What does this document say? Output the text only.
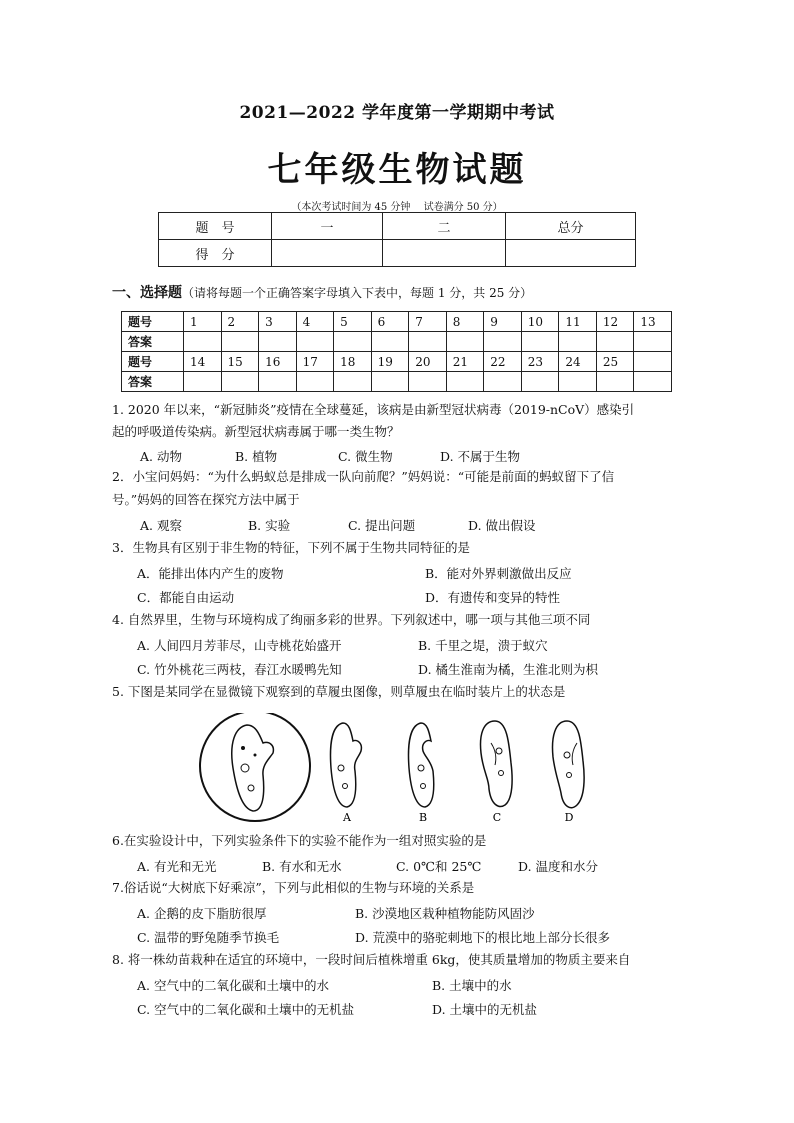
2021—2022 学年度第一学期期中考试
七年级生物试题
（本次考试时间为 45 分钟　 试卷满分 50 分）
题　号	一	二	总分
得　分			
一、选择题（请将每题一个正确答案字母填入下表中，每题 1 分，共 25 分）
题号	1	2	3	4	5	6	7	8	9	10	11	12	13
答案													
题号	14	15	16	17	18	19	20	21	22	23	24	25	
答案													
1. 2020 年以来，“新冠肺炎”疫情在全球蔓延，该病是由新型冠状病毒（2019-nCoV）感染引
起的呼吸道传染病。新型冠状病毒属于哪一类生物？
A. 动物	B. 植物	C. 微生物	D. 不属于生物
2．小宝问妈妈：“为什么蚂蚁总是排成一队向前爬？”妈妈说：“可能是前面的蚂蚁留下了信
号。”妈妈的回答在探究方法中属于
A. 观察	B. 实验	C. 提出问题	D. 做出假设
3．生物具有区别于非生物的特征，下列不属于生物共同特征的是
A．能排出体内产生的废物	B．能对外界刺激做出反应
C．都能自由运动	D．有遗传和变异的特性
4. 自然界里，生物与环境构成了绚丽多彩的世界。下列叙述中，哪一项与其他三项不同
A. 人间四月芳菲尽，山寺桃花始盛开	B. 千里之堤，溃于蚁穴
C. 竹外桃花三两枝，春江水暖鸭先知	D. 橘生淮南为橘，生淮北则为枳
5. 下图是某同学在显微镜下观察到的草履虫图像，则草履虫在临时装片上的状态是
A	B	C	D
6.在实验设计中，下列实验条件下的实验不能作为一组对照实验的是
A. 有光和无光	B. 有水和无水	C. 0℃和 25℃	D. 温度和水分
7.俗话说“大树底下好乘凉”，下列与此相似的生物与环境的关系是
A. 企鹅的皮下脂肪很厚	B. 沙漠地区栽种植物能防风固沙
C. 温带的野兔随季节换毛	D. 荒漠中的骆驼刺地下的根比地上部分长很多
8. 将一株幼苗栽种在适宜的环境中，一段时间后植株增重 6kg，使其质量增加的物质主要来自
A. 空气中的二氧化碳和土壤中的水	B. 土壤中的水
C. 空气中的二氧化碳和土壤中的无机盐	D. 土壤中的无机盐
